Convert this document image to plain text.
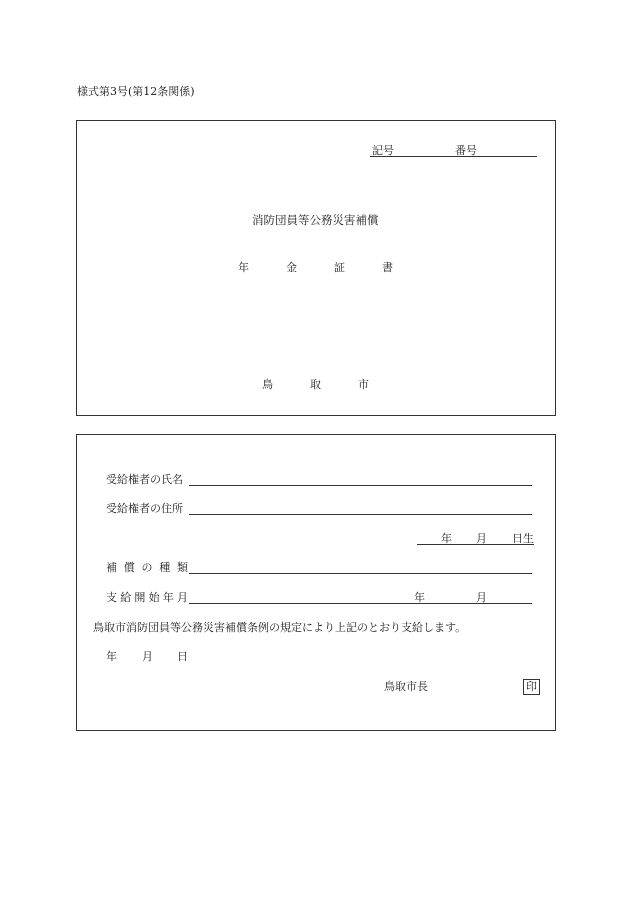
様式第3号(第12条関係)
記号	番号
消防団員等公務災害補償
年	金	証	書
鳥	取	市
受給権者の氏名
受給権者の住所
年 月 日生
補 償 の 種 類
支 給 開 始 年 月	年	月
鳥取市消防団員等公務災害補償条例の規定により上記のとおり支給します。
年 月 日
鳥取市長	印
